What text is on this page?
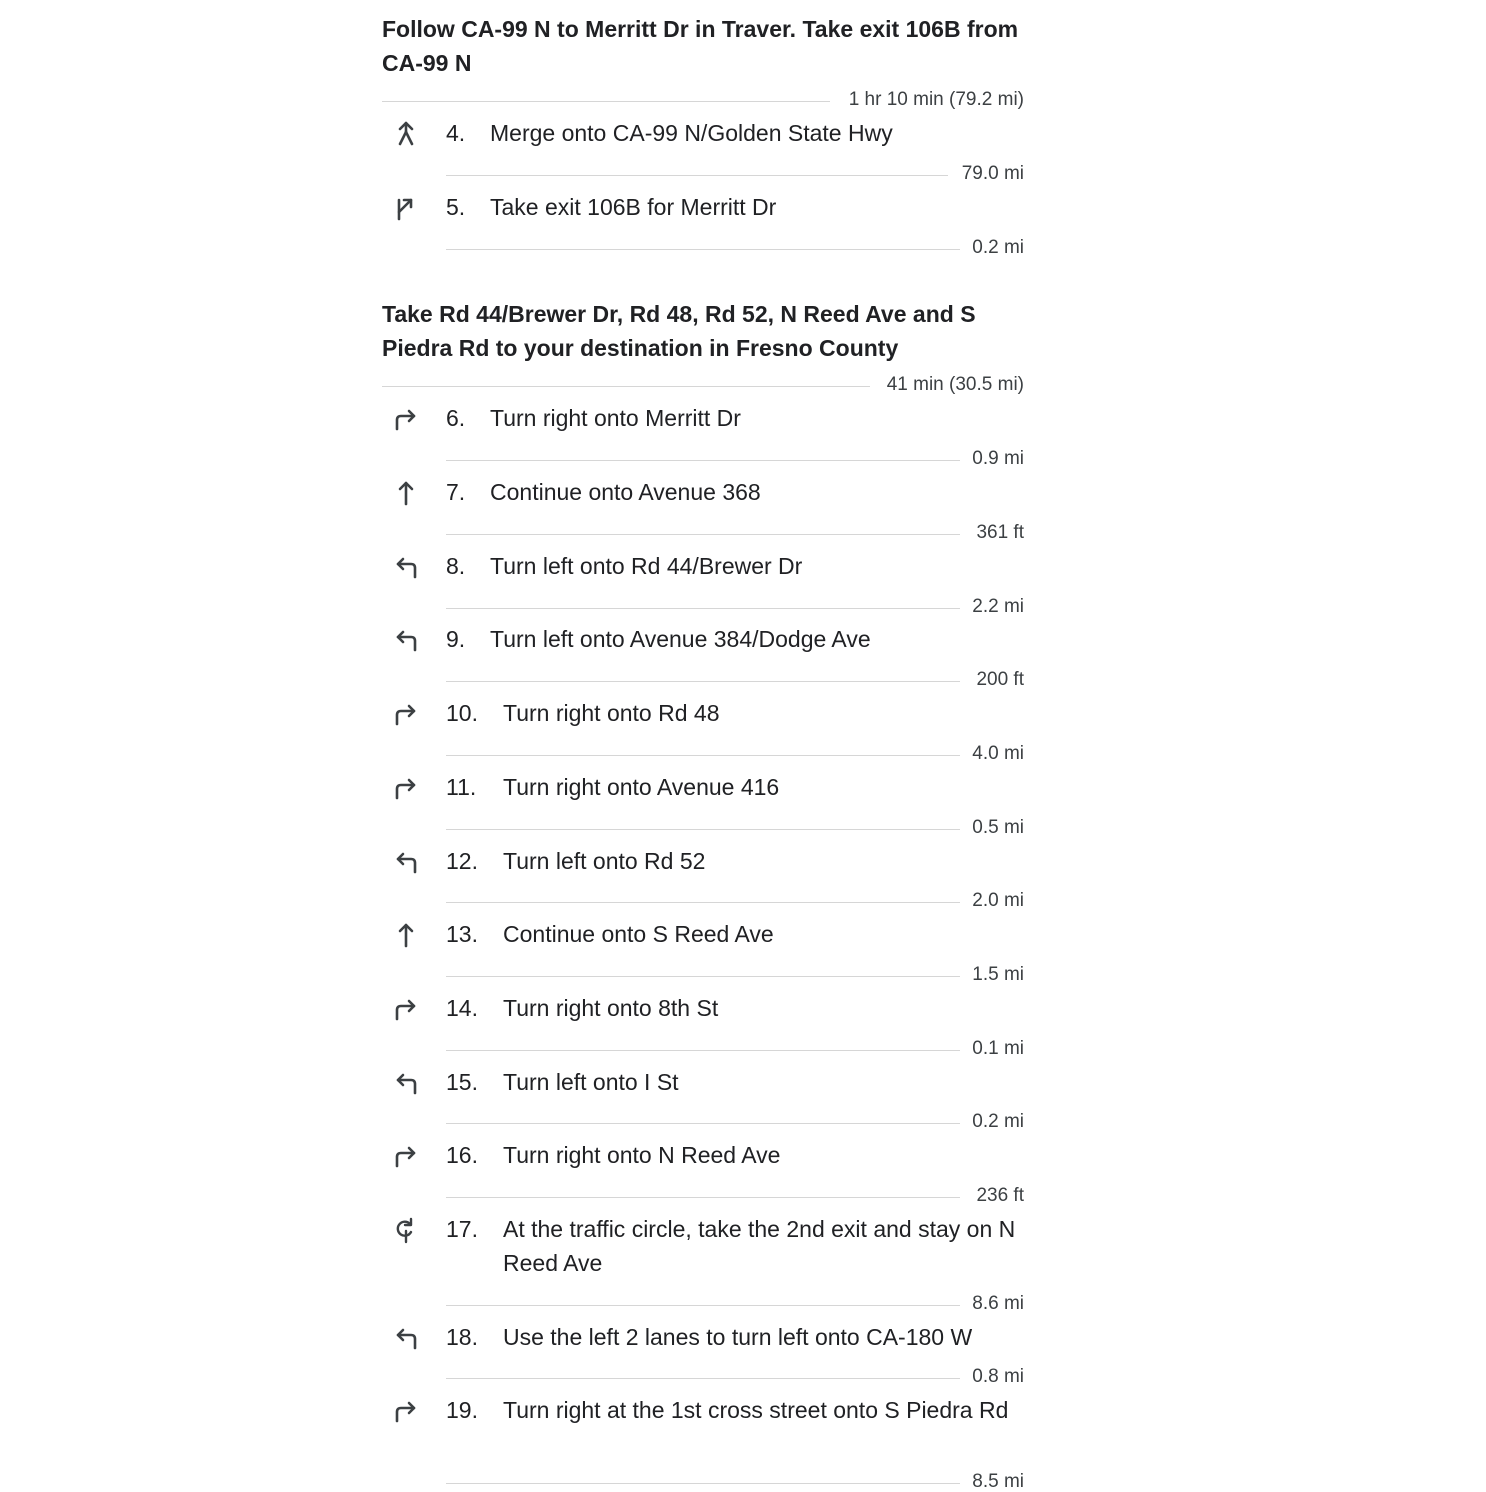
Follow CA-99 N to Merritt Dr in Traver. Take exit 106B from CA-99 N
1 hr 10 min (79.2 mi)
4. Merge onto CA-99 N/Golden State Hwy
79.0 mi
5. Take exit 106B for Merritt Dr
0.2 mi
Take Rd 44/Brewer Dr, Rd 48, Rd 52, N Reed Ave and S Piedra Rd to your destination in Fresno County
41 min (30.5 mi)
6. Turn right onto Merritt Dr
0.9 mi
7. Continue onto Avenue 368
361 ft
8. Turn left onto Rd 44/Brewer Dr
2.2 mi
9. Turn left onto Avenue 384/Dodge Ave
200 ft
10. Turn right onto Rd 48
4.0 mi
11. Turn right onto Avenue 416
0.5 mi
12. Turn left onto Rd 52
2.0 mi
13. Continue onto S Reed Ave
1.5 mi
14. Turn right onto 8th St
0.1 mi
15. Turn left onto I St
0.2 mi
16. Turn right onto N Reed Ave
236 ft
17. At the traffic circle, take the 2nd exit and stay on N Reed Ave
8.6 mi
18. Use the left 2 lanes to turn left onto CA-180 W
0.8 mi
19. Turn right at the 1st cross street onto S Piedra Rd
8.5 mi
